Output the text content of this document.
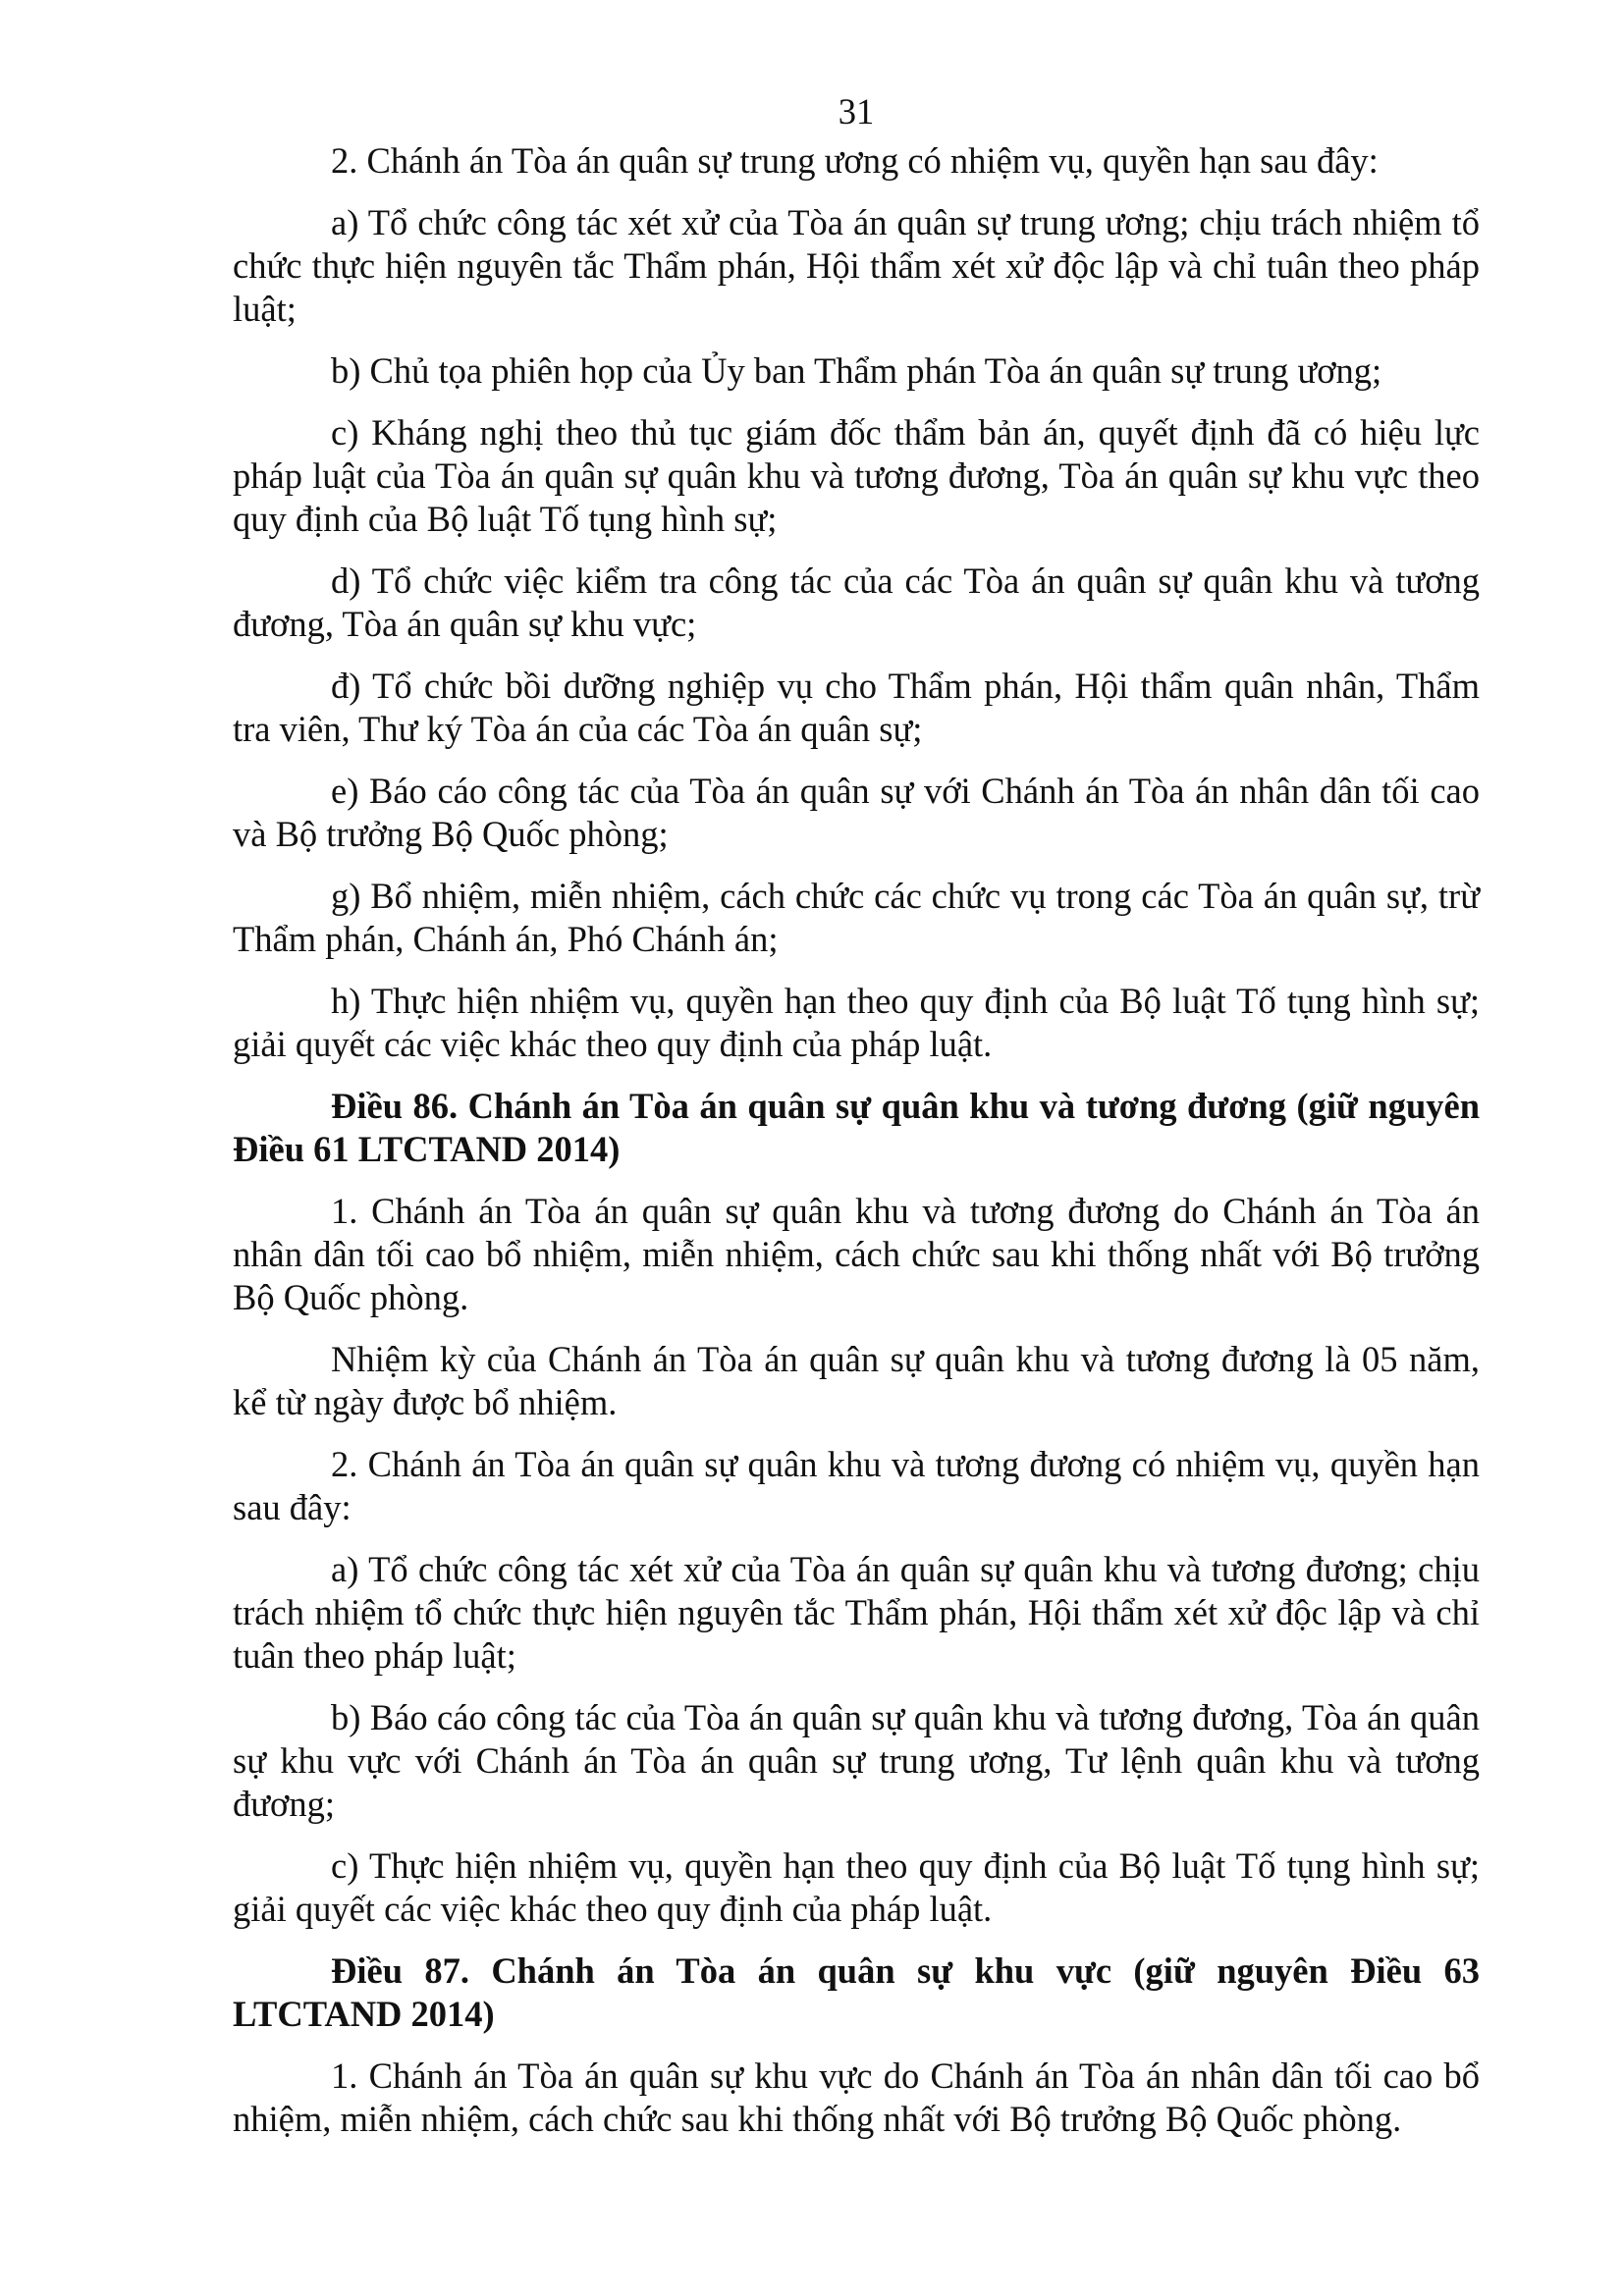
31

2. Chánh án Tòa án quân sự trung ương có nhiệm vụ, quyền hạn sau đây:

a) Tổ chức công tác xét xử của Tòa án quân sự trung ương; chịu trách nhiệm tổ chức thực hiện nguyên tắc Thẩm phán, Hội thẩm xét xử độc lập và chỉ tuân theo pháp luật;

b) Chủ tọa phiên họp của Ủy ban Thẩm phán Tòa án quân sự trung ương;

c) Kháng nghị theo thủ tục giám đốc thẩm bản án, quyết định đã có hiệu lực pháp luật của Tòa án quân sự quân khu và tương đương, Tòa án quân sự khu vực theo quy định của Bộ luật Tố tụng hình sự;

d) Tổ chức việc kiểm tra công tác của các Tòa án quân sự quân khu và tương đương, Tòa án quân sự khu vực;

đ) Tổ chức bồi dưỡng nghiệp vụ cho Thẩm phán, Hội thẩm quân nhân, Thẩm tra viên, Thư ký Tòa án của các Tòa án quân sự;

e) Báo cáo công tác của Tòa án quân sự với Chánh án Tòa án nhân dân tối cao và Bộ trưởng Bộ Quốc phòng;

g) Bổ nhiệm, miễn nhiệm, cách chức các chức vụ trong các Tòa án quân sự, trừ Thẩm phán, Chánh án, Phó Chánh án;

h) Thực hiện nhiệm vụ, quyền hạn theo quy định của Bộ luật Tố tụng hình sự; giải quyết các việc khác theo quy định của pháp luật.

Điều 86. Chánh án Tòa án quân sự quân khu và tương đương (giữ nguyên Điều 61 LTCTAND 2014)

1. Chánh án Tòa án quân sự quân khu và tương đương do Chánh án Tòa án nhân dân tối cao bổ nhiệm, miễn nhiệm, cách chức sau khi thống nhất với Bộ trưởng Bộ Quốc phòng.

Nhiệm kỳ của Chánh án Tòa án quân sự quân khu và tương đương là 05 năm, kể từ ngày được bổ nhiệm.

2. Chánh án Tòa án quân sự quân khu và tương đương có nhiệm vụ, quyền hạn sau đây:

a) Tổ chức công tác xét xử của Tòa án quân sự quân khu và tương đương; chịu trách nhiệm tổ chức thực hiện nguyên tắc Thẩm phán, Hội thẩm xét xử độc lập và chỉ tuân theo pháp luật;

b) Báo cáo công tác của Tòa án quân sự quân khu và tương đương, Tòa án quân sự khu vực với Chánh án Tòa án quân sự trung ương, Tư lệnh quân khu và tương đương;

c) Thực hiện nhiệm vụ, quyền hạn theo quy định của Bộ luật Tố tụng hình sự; giải quyết các việc khác theo quy định của pháp luật.

Điều 87. Chánh án Tòa án quân sự khu vực (giữ nguyên Điều 63 LTCTAND 2014)

1. Chánh án Tòa án quân sự khu vực do Chánh án Tòa án nhân dân tối cao bổ nhiệm, miễn nhiệm, cách chức sau khi thống nhất với Bộ trưởng Bộ Quốc phòng.
